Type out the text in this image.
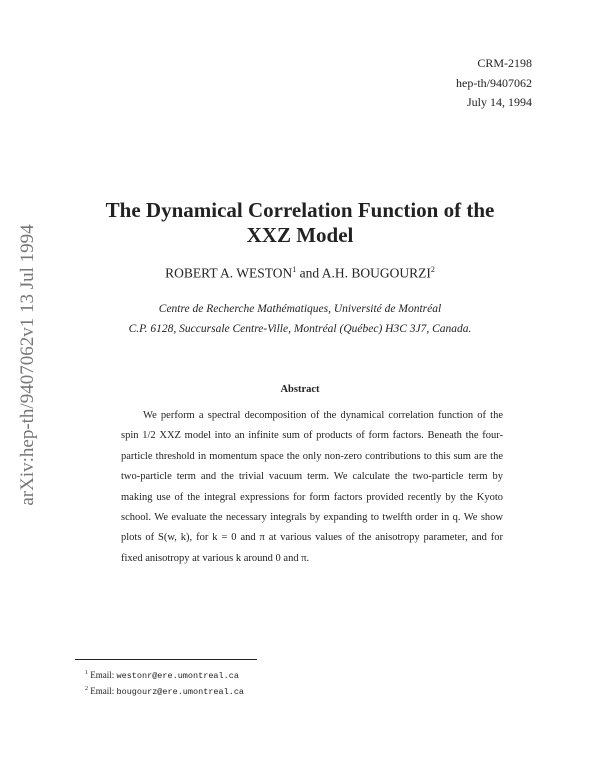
arXiv:hep-th/9407062v1 13 Jul 1994
CRM-2198
hep-th/9407062
July 14, 1994
The Dynamical Correlation Function of the
XXZ Model
ROBERT A. WESTON$^1$ and A.H. BOUGOURZI$^2$
Centre de Recherche Mathématiques, Université de Montréal
C.P. 6128, Succursale Centre-Ville, Montréal (Québec) H3C 3J7, Canada.
Abstract
We perform a spectral decomposition of the dynamical correlation function of the spin 1/2 XXZ model into an infinite sum of products of form factors. Beneath the four-particle threshold in momentum space the only non-zero contributions to this sum are the two-particle term and the trivial vacuum term. We calculate the two-particle term by making use of the integral expressions for form factors provided recently by the Kyoto school. We evaluate the necessary integrals by expanding to twelfth order in q. We show plots of S(w, k), for k = 0 and π at various values of the anisotropy parameter, and for fixed anisotropy at various k around 0 and π.
$^1$ Email: westonr@ere.umontreal.ca
$^2$ Email: bougourz@ere.umontreal.ca
